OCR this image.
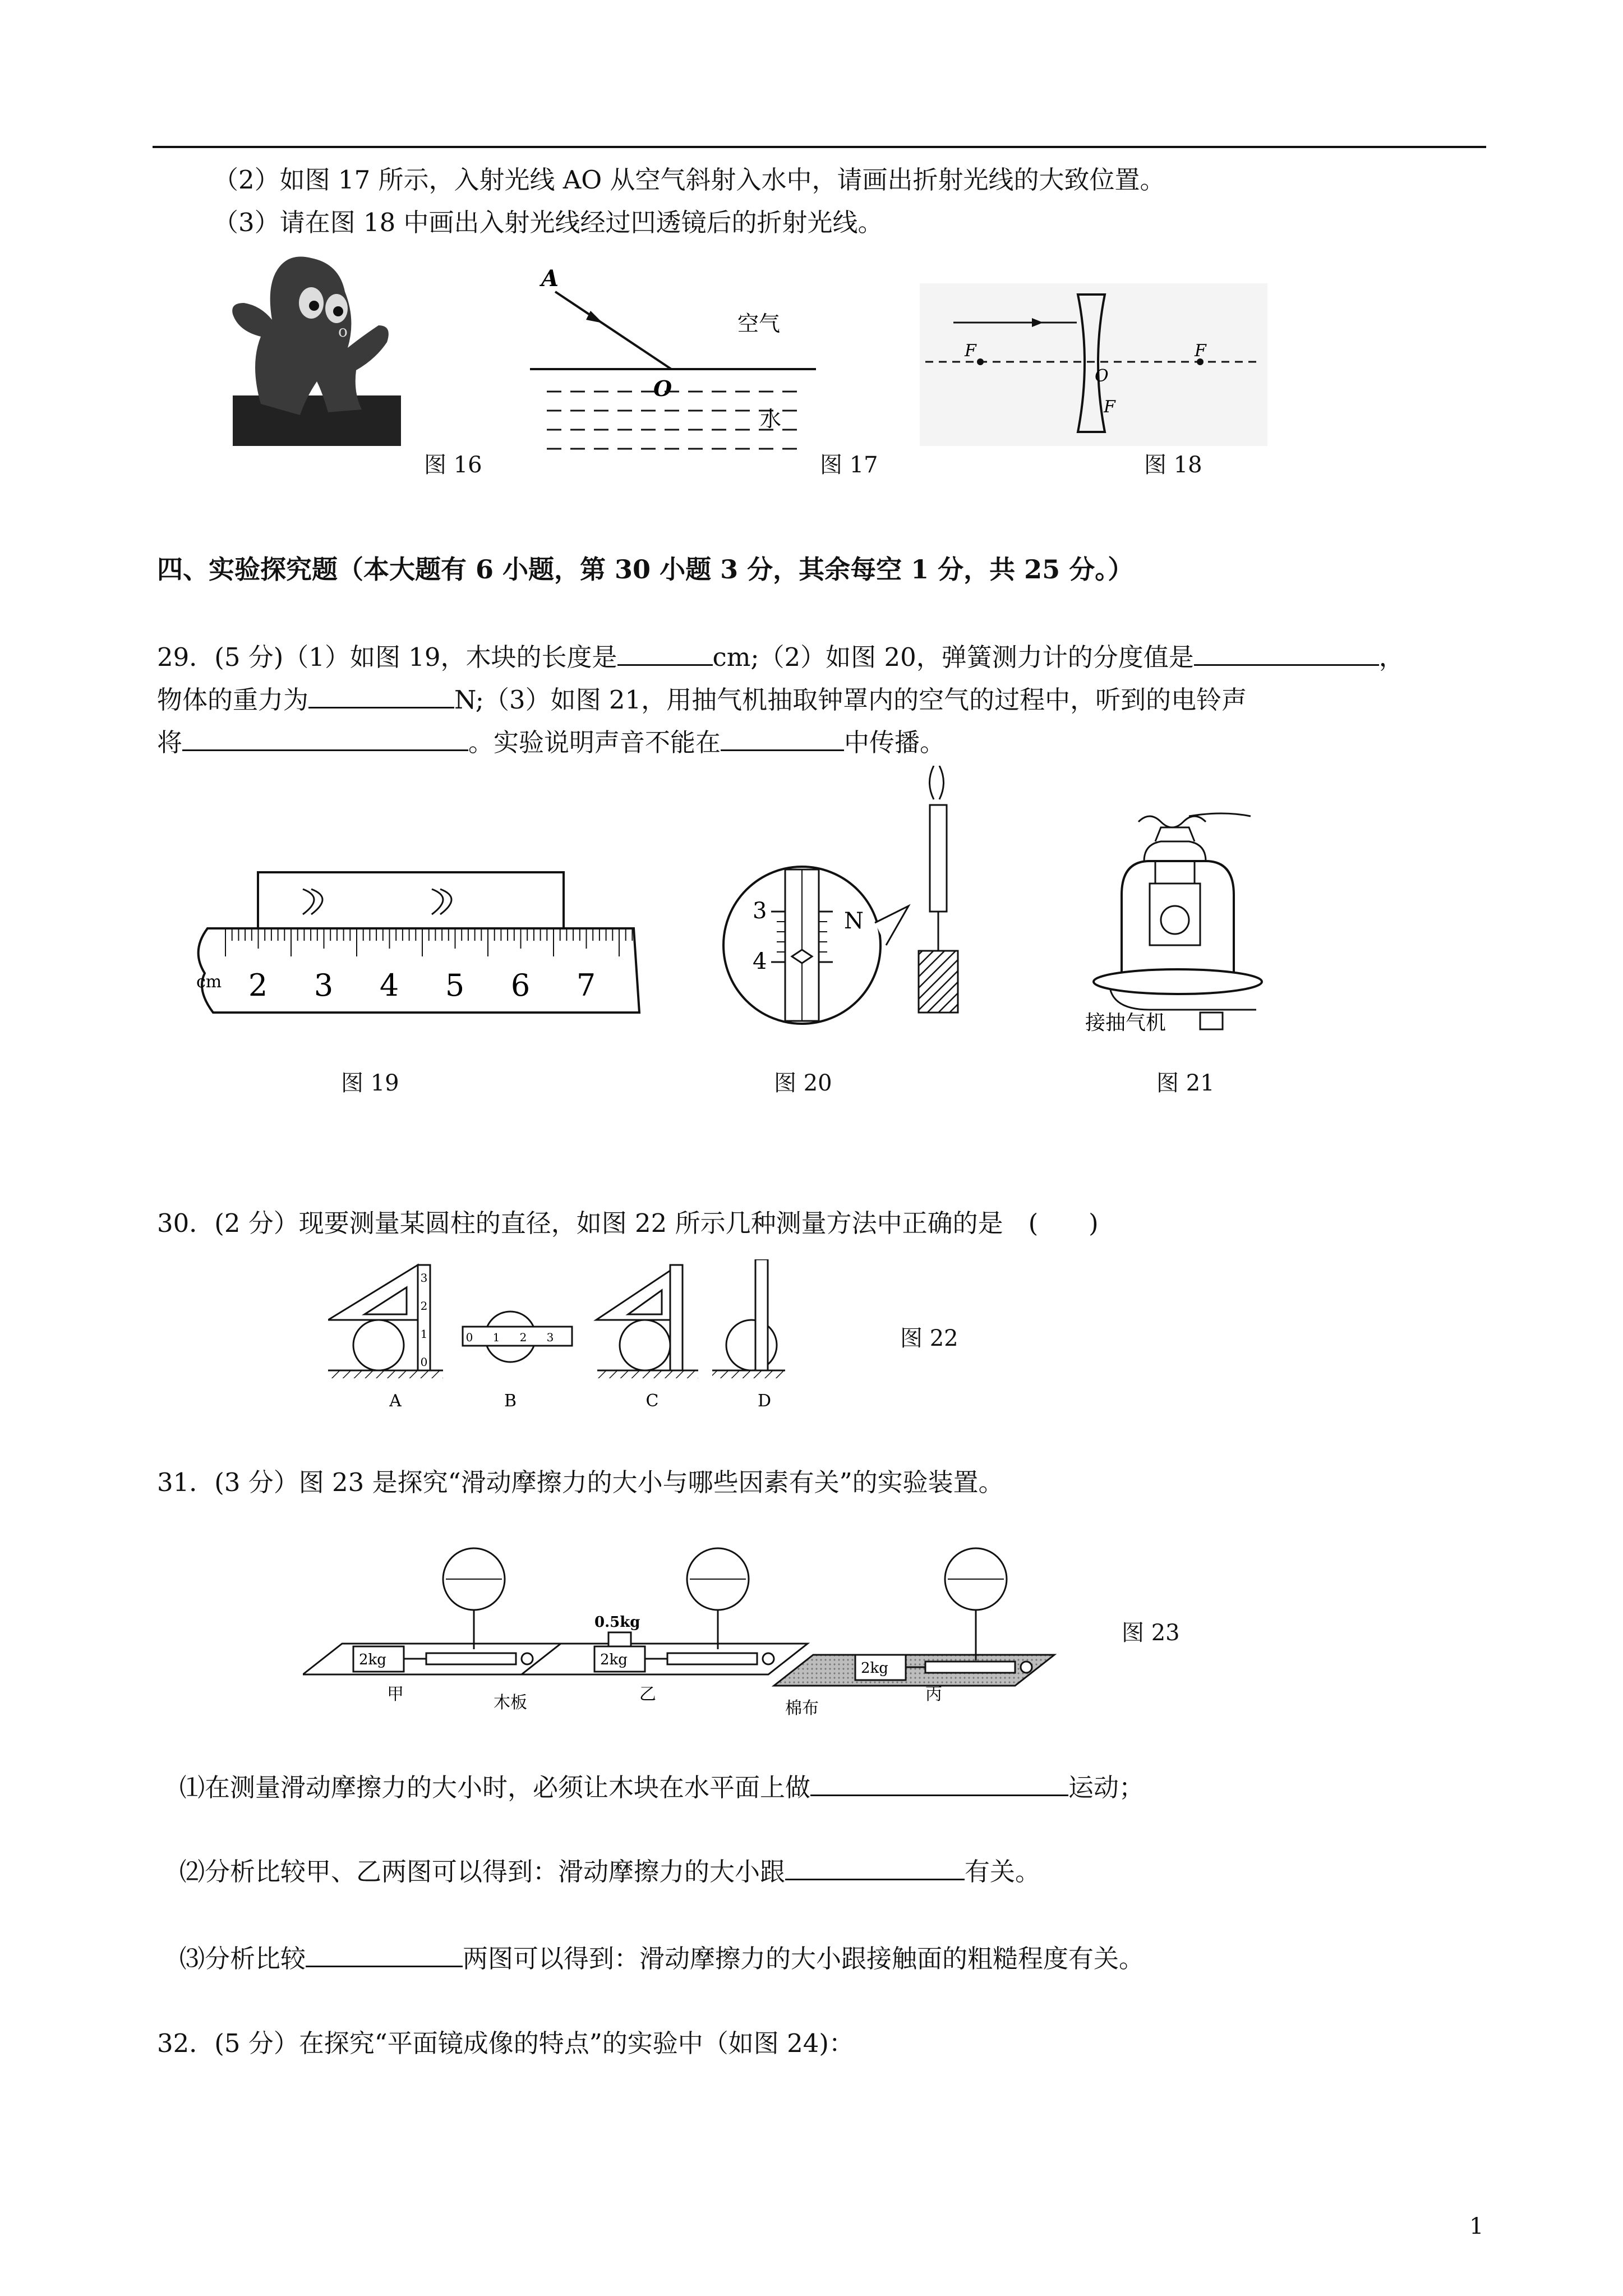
（2）如图 17 所示，入射光线 AO 从空气斜射入水中，请画出折射光线的大致位置。
（3）请在图 18 中画出入射光线经过凹透镜后的折射光线。
o
图 16
A
空气
O
水
图 17
F
O
F
F
图 18
四、实验探究题（本大题有 6 小题，第 30 小题 3 分，其余每空 1 分，共 25 分。）
29．(5 分)（1）如图 19，木块的长度是	cm;（2）如图 20，弹簧测力计的分度值是	，
物体的重力为	N;（3）如图 21，用抽气机抽取钟罩内的空气的过程中，听到的电铃声
将	。实验说明声音不能在	中传播。
cm 2 3 4 5 6 7
图 19
3
4
N
图 20
接抽气机
图 21
30．(2 分）现要测量某圆柱的直径，如图 22 所示几种测量方法中正确的是　(　　)
A	B	C	D
0 1 2 3
3
2
1
0
图 22
31．(3 分）图 23 是探究“滑动摩擦力的大小与哪些因素有关”的实验装置。
2kg
0.5kg
2kg	2kg
甲	木板	乙
棉布
丙
图 23
⑴在测量滑动摩擦力的大小时，必须让木块在水平面上做	运动；
⑵分析比较甲、乙两图可以得到：滑动摩擦力的大小跟	有关。
⑶分析比较	两图可以得到：滑动摩擦力的大小跟接触面的粗糙程度有关。
32．(5 分）在探究“平面镜成像的特点”的实验中（如图 24)：
1
